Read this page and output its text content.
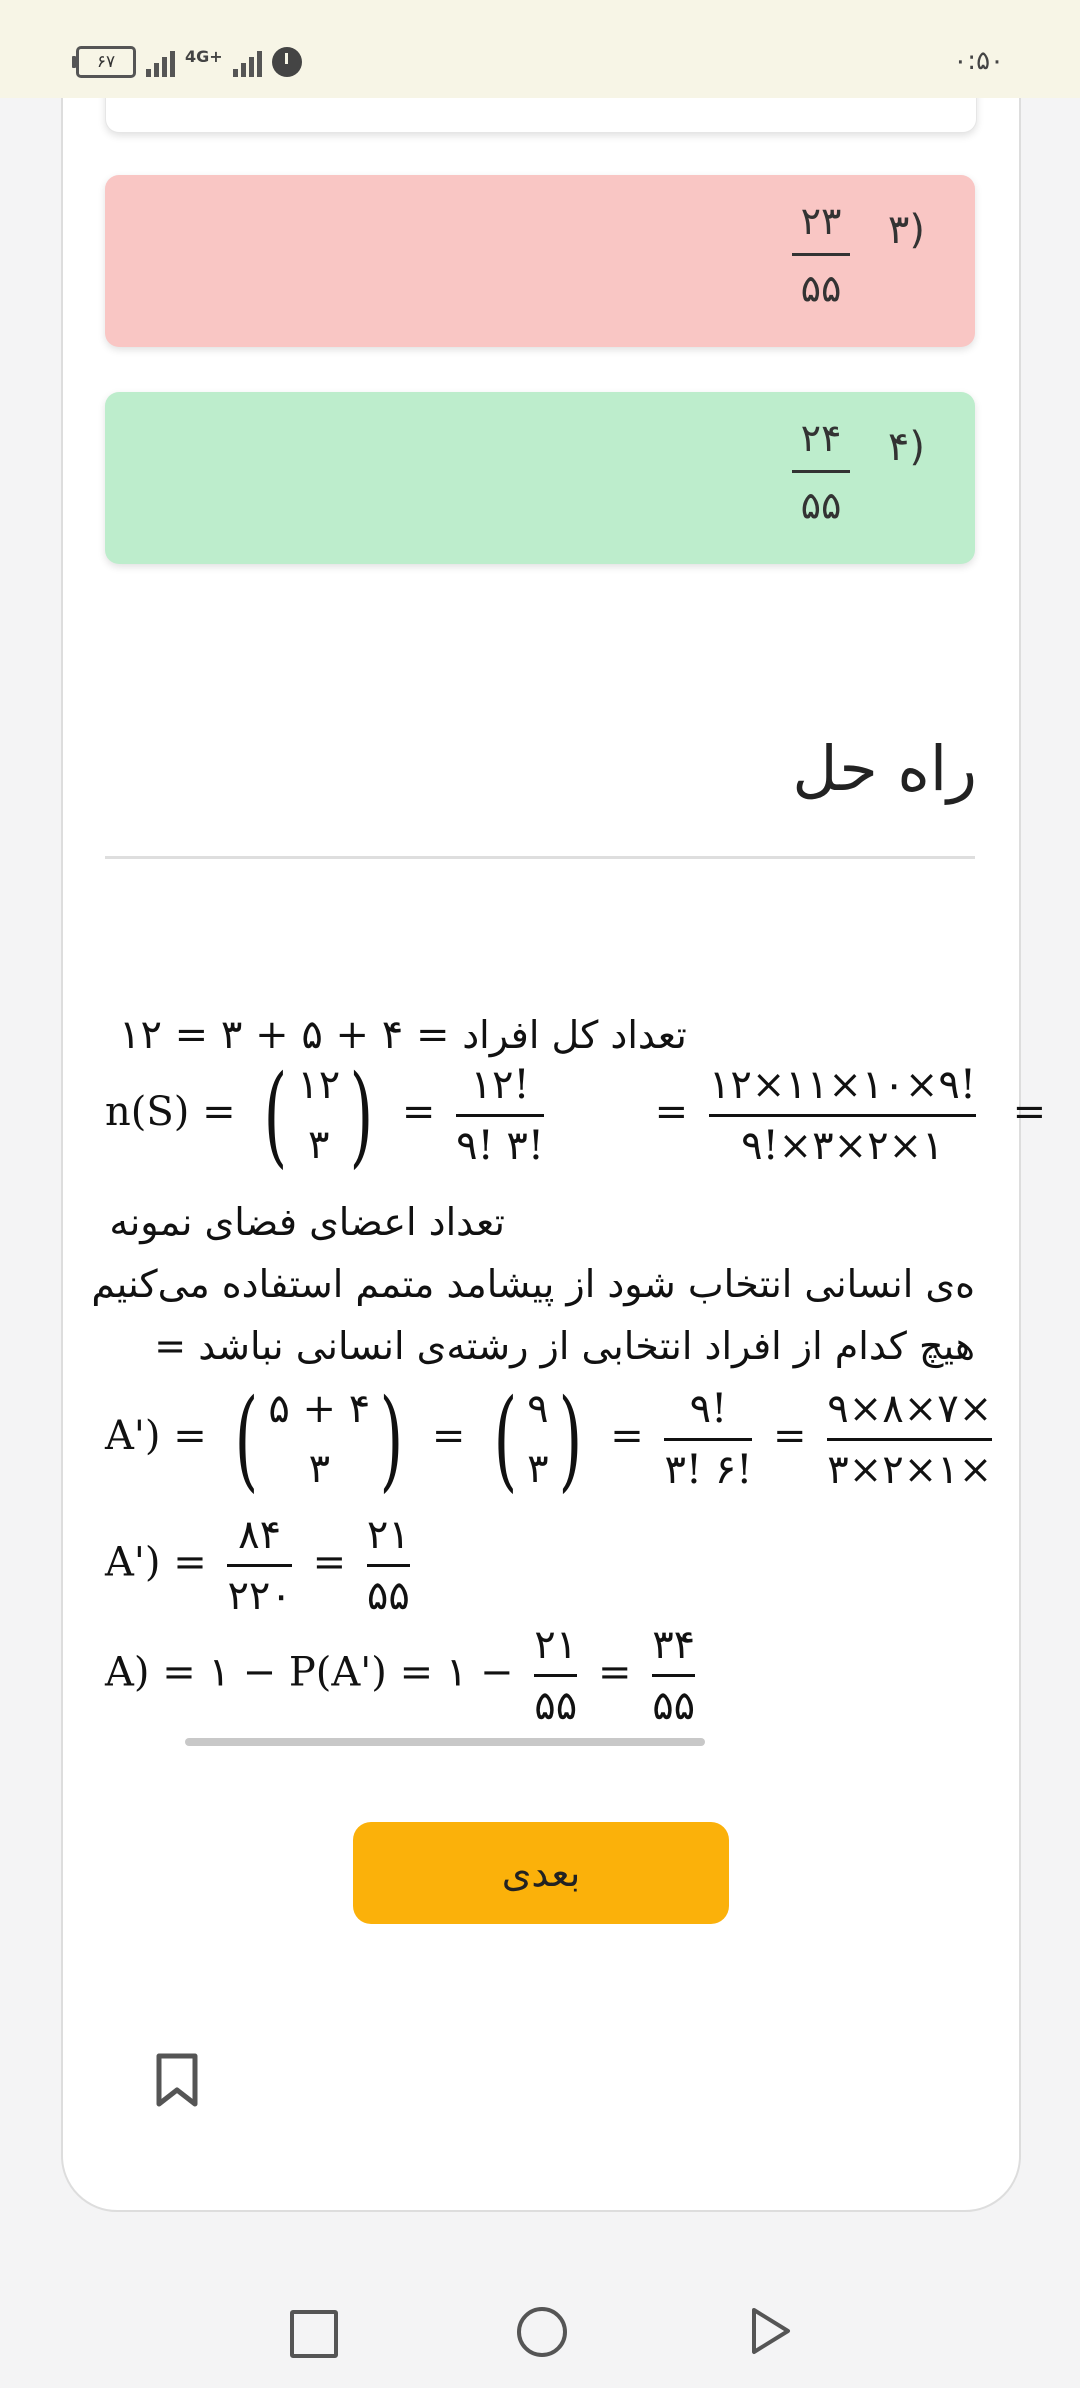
۶۷	4G+	۰:۵۰
۳)
۲۳
۵۵
۴)
۲۴
۵۵
راه حل
تعداد کل افراد = ۴ + ۵ + ۳ = ۱۲
n(S) = ( ۱۲
۳ ) =
۱۲!
۹! ۳!
=
۱۲×۱۱×۱۰×۹!
۹!×۳×۲×۱
=
تعداد اعضای فضای نمونه
ه‌ی انسانی انتخاب شود از پیشامد متمم استفاده می‌کنیم
هیچ کدام از افراد انتخابی از رشته‌ی انسانی نباشد =
A') = ( ۵ + ۴
۳ ) = ( ۹
۳ ) =
۹!
۳! ۶!
=
۹×۸×۷×
۳×۲×۱×
A') =
۸۴
۲۲۰
=
۲۱
۵۵
A) = ۱ − P(A') = ۱ −
۲۱
۵۵
=
۳۴
۵۵
بعدی
